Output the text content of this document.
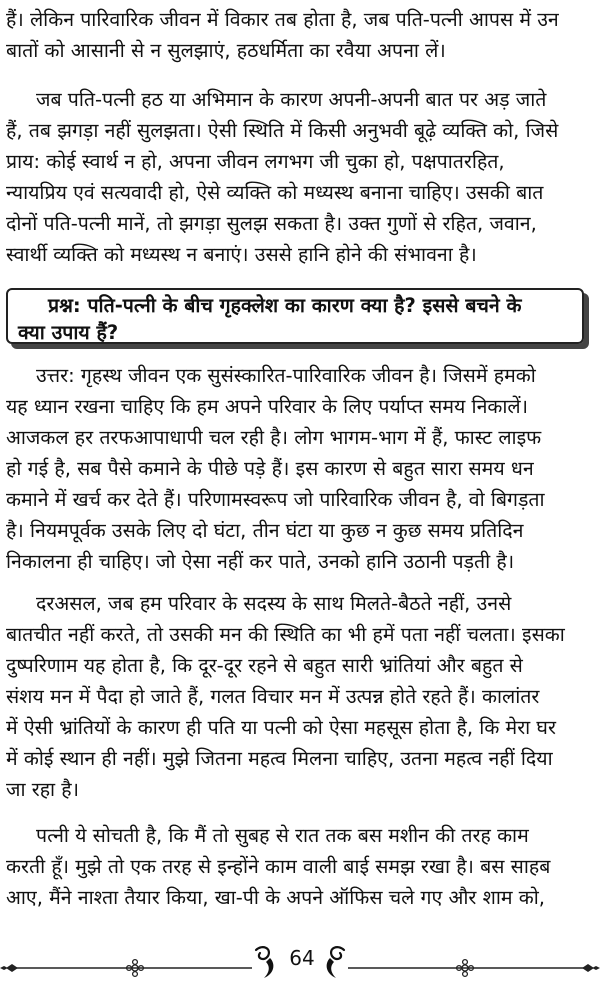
हैं। लेकिन पारिवारिक जीवन में विकार तब होता है, जब पति-पत्नी आपस में उन
बातों को आसानी से न सुलझाएं, हठधर्मिता का रवैया अपना लें।

जब पति-पत्नी हठ या अभिमान के कारण अपनी-अपनी बात पर अड़ जाते
हैं, तब झगड़ा नहीं सुलझता। ऐसी स्थिति में किसी अनुभवी बूढ़े व्यक्ति को, जिसे
प्राय: कोई स्वार्थ न हो, अपना जीवन लगभग जी चुका हो, पक्षपातरहित,
न्यायप्रिय एवं सत्यवादी हो, ऐसे व्यक्ति को मध्यस्थ बनाना चाहिए। उसकी बात
दोनों पति-पत्नी मानें, तो झगड़ा सुलझ सकता है। उक्त गुणों से रहित, जवान,
स्वार्थी व्यक्ति को मध्यस्थ न बनाएं। उससे हानि होने की संभावना है।

प्रश्न: पति-पत्नी के बीच गृहक्लेश का कारण क्या है? इससे बचने के
क्या उपाय हैं?

उत्तर: गृहस्थ जीवन एक सुसंस्कारित-पारिवारिक जीवन है। जिसमें हमको
यह ध्यान रखना चाहिए कि हम अपने परिवार के लिए पर्याप्त समय निकालें।
आजकल हर तरफआपाधापी चल रही है। लोग भागम-भाग में हैं, फास्ट लाइफ
हो गई है, सब पैसे कमाने के पीछे पड़े हैं। इस कारण से बहुत सारा समय धन
कमाने में खर्च कर देते हैं। परिणामस्वरूप जो पारिवारिक जीवन है, वो बिगड़ता
है। नियमपूर्वक उसके लिए दो घंटा, तीन घंटा या कुछ न कुछ समय प्रतिदिन
निकालना ही चाहिए। जो ऐसा नहीं कर पाते, उनको हानि उठानी पड़ती है।

दरअसल, जब हम परिवार के सदस्य के साथ मिलते-बैठते नहीं, उनसे
बातचीत नहीं करते, तो उसकी मन की स्थिति का भी हमें पता नहीं चलता। इसका
दुष्परिणाम यह होता है, कि दूर-दूर रहने से बहुत सारी भ्रांतियां और बहुत से
संशय मन में पैदा हो जाते हैं, गलत विचार मन में उत्पन्न होते रहते हैं। कालांतर
में ऐसी भ्रांतियों के कारण ही पति या पत्नी को ऐसा महसूस होता है, कि मेरा घर
में कोई स्थान ही नहीं। मुझे जितना महत्व मिलना चाहिए, उतना महत्व नहीं दिया
जा रहा है।

पत्नी ये सोचती है, कि मैं तो सुबह से रात तक बस मशीन की तरह काम
करती हूँ। मुझे तो एक तरह से इन्होंने काम वाली बाई समझ रखा है। बस साहब
आए, मैंने नाश्ता तैयार किया, खा-पी के अपने ऑफिस चले गए और शाम को,

64
